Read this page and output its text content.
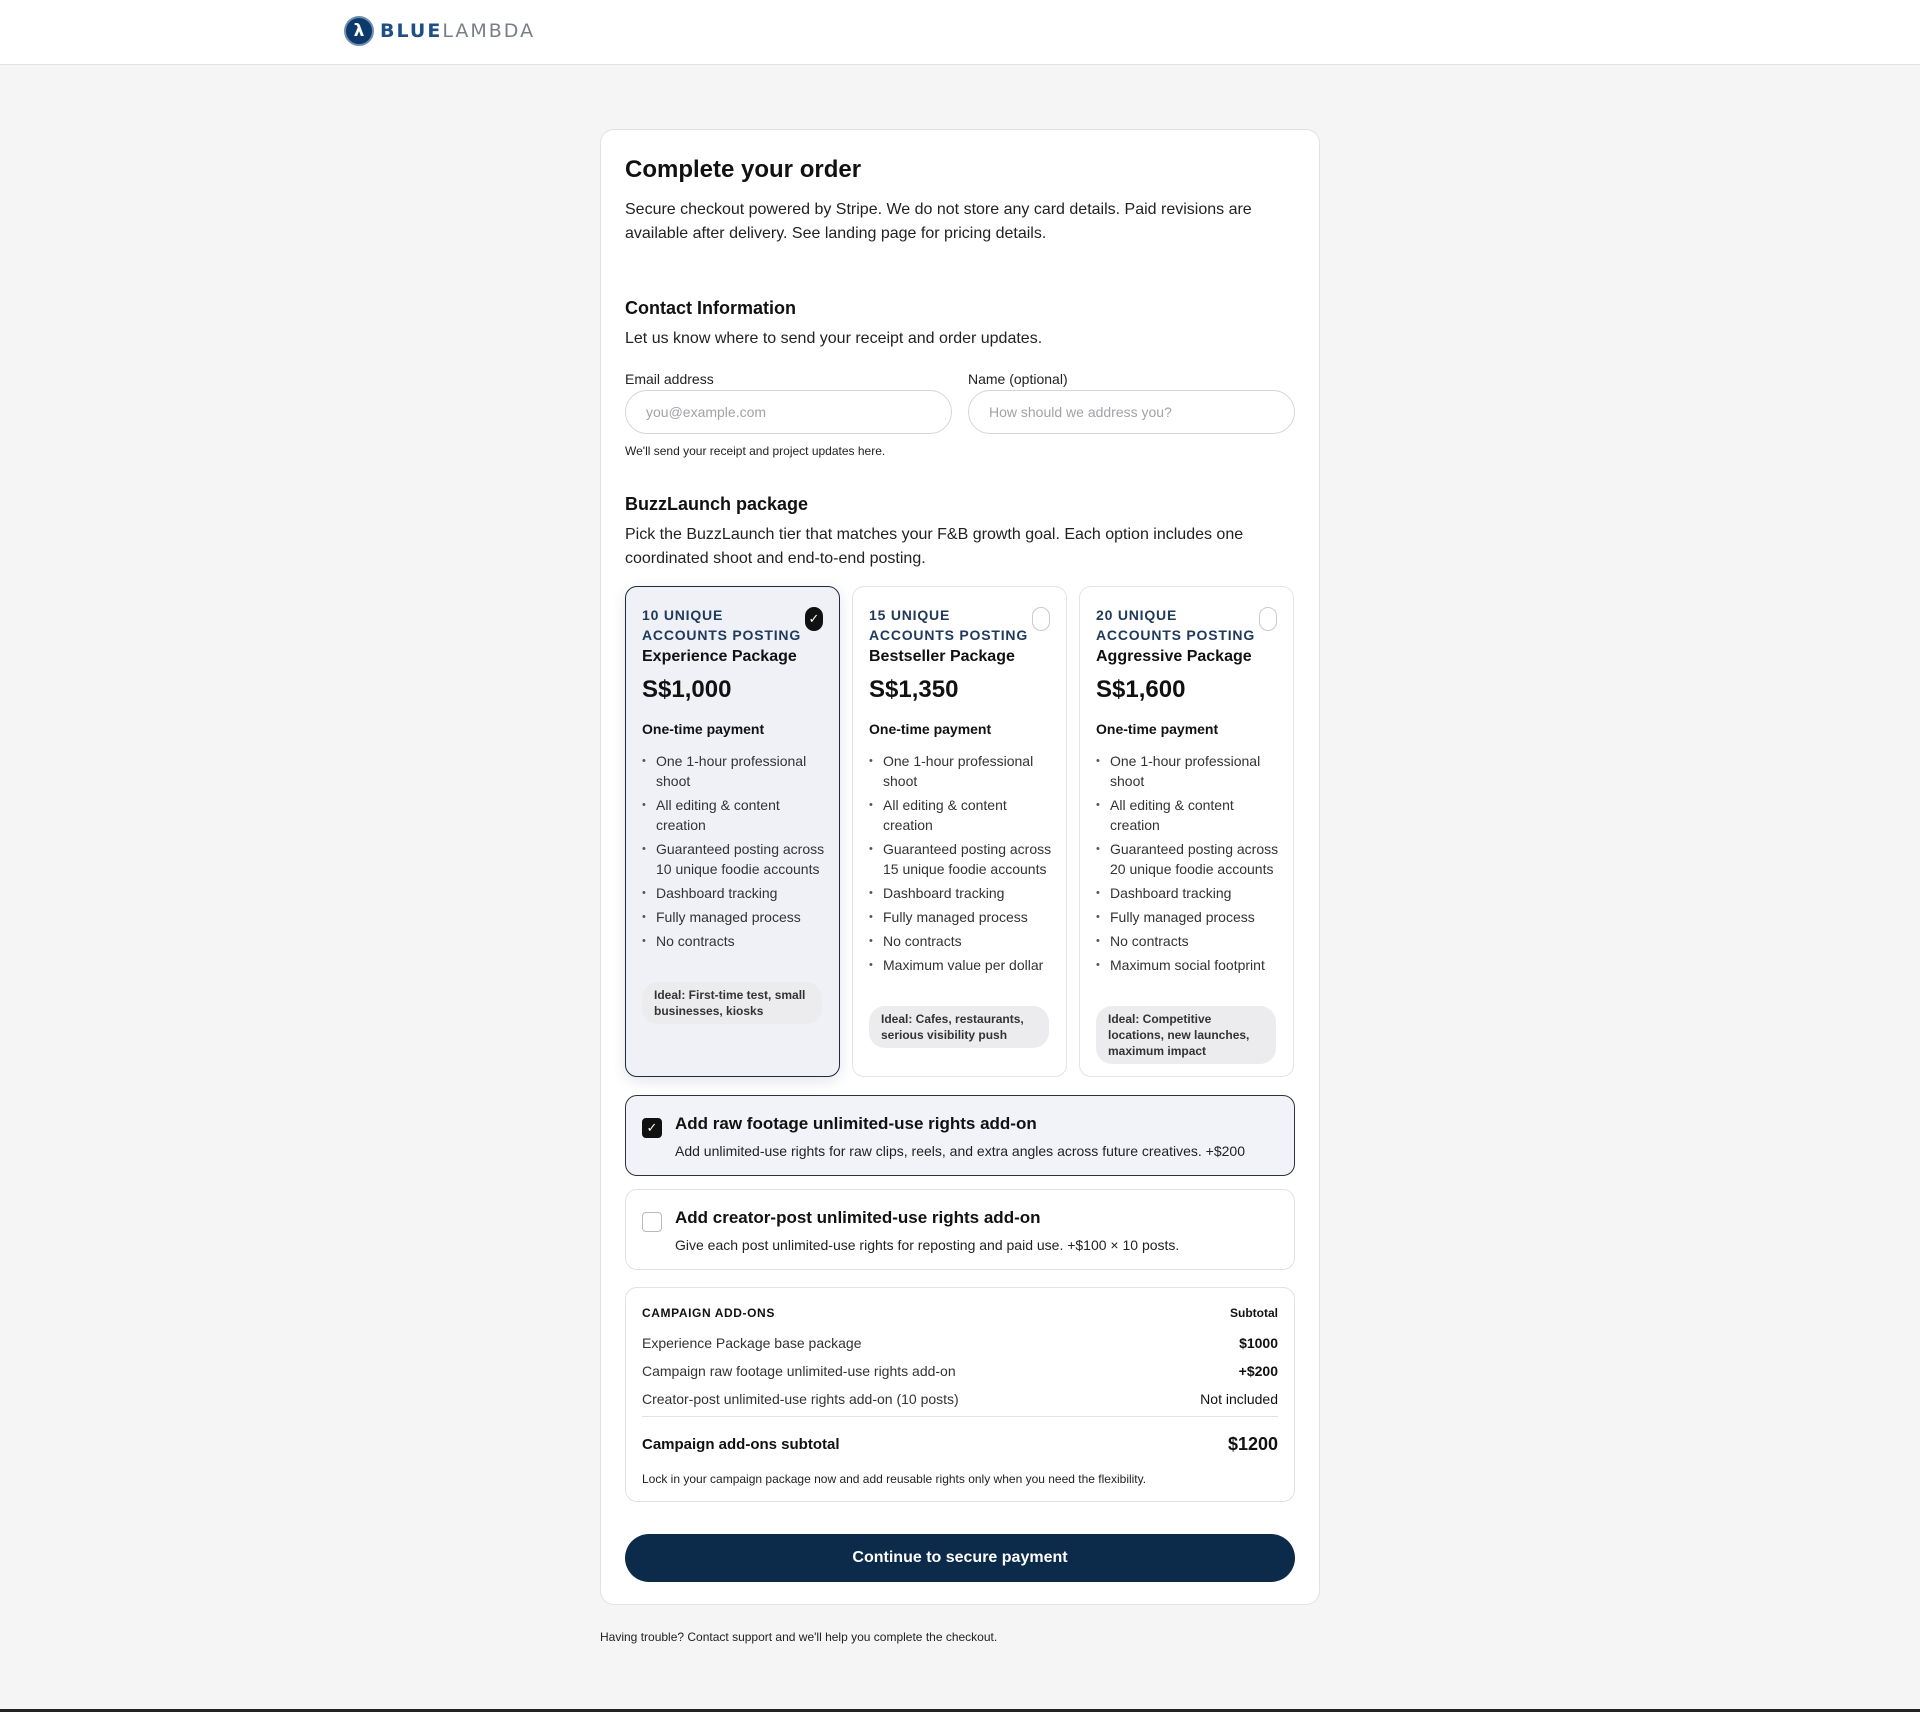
λ BLUELAMBDA
Complete your order
Secure checkout powered by Stripe. We do not store any card details. Paid revisions are available after delivery. See landing page for pricing details.
Contact Information
Let us know where to send your receipt and order updates.
Email address
you@example.com
Name (optional)
How should we address you?
We'll send your receipt and project updates here.
BuzzLaunch package
Pick the BuzzLaunch tier that matches your F&B growth goal. Each option includes one coordinated shoot and end-to-end posting.
10 UNIQUE ACCOUNTS POSTING
✓
Experience Package
S$1,000
One-time payment
• One 1-hour professional shoot
• All editing & content creation
• Guaranteed posting across 10 unique foodie accounts
• Dashboard tracking
• Fully managed process
• No contracts
Ideal: First-time test, small businesses, kiosks
15 UNIQUE ACCOUNTS POSTING
Bestseller Package
S$1,350
One-time payment
• One 1-hour professional shoot
• All editing & content creation
• Guaranteed posting across 15 unique foodie accounts
• Dashboard tracking
• Fully managed process
• No contracts
• Maximum value per dollar
Ideal: Cafes, restaurants, serious visibility push
20 UNIQUE ACCOUNTS POSTING
Aggressive Package
S$1,600
One-time payment
• One 1-hour professional shoot
• All editing & content creation
• Guaranteed posting across 20 unique foodie accounts
• Dashboard tracking
• Fully managed process
• No contracts
• Maximum social footprint
Ideal: Competitive locations, new launches, maximum impact
✓ Add raw footage unlimited-use rights add-on
Add unlimited-use rights for raw clips, reels, and extra angles across future creatives. +$200
Add creator-post unlimited-use rights add-on
Give each post unlimited-use rights for reposting and paid use. +$100 × 10 posts.
CAMPAIGN ADD-ONS	Subtotal
Experience Package base package	$1000
Campaign raw footage unlimited-use rights add-on	+$200
Creator-post unlimited-use rights add-on (10 posts)	Not included
Campaign add-ons subtotal	$1200
Lock in your campaign package now and add reusable rights only when you need the flexibility.
Continue to secure payment
Having trouble? Contact support and we'll help you complete the checkout.
